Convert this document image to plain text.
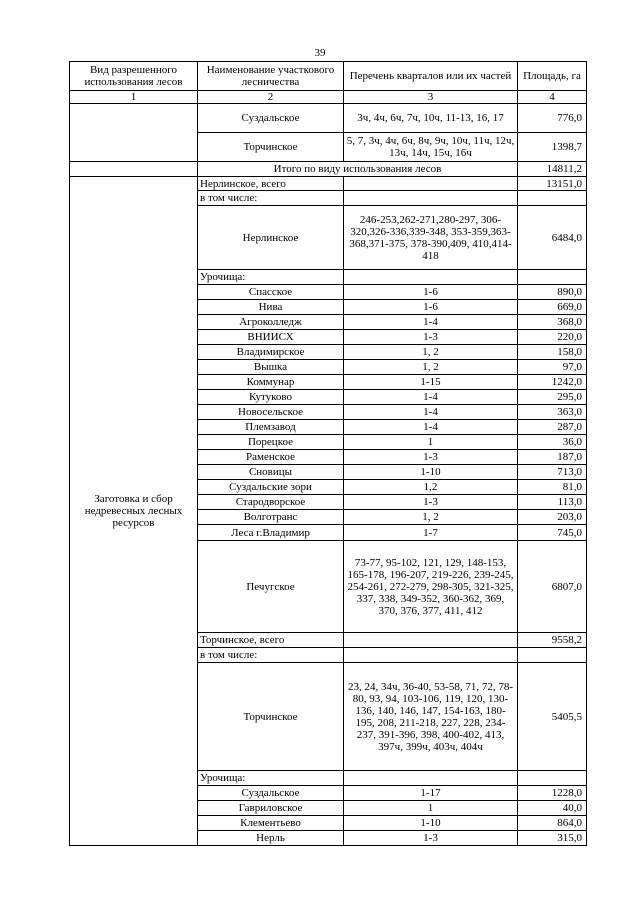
39
Вид разрешенного использования лесов	Наименование участкового лесничества	Перечень кварталов или их частей	Площадь, га
1	2	3	4
	Суздальское	3ч, 4ч, 6ч, 7ч, 10ч, 11-13, 16, 17	776,0
	Торчинское	5, 7, 3ч, 4ч, 6ч, 8ч, 9ч, 10ч, 11ч, 12ч, 13ч, 14ч, 15ч, 16ч	1398,7
	Итого по виду использования лесов		14811,2
Заготовка и сбор недревесных лесных ресурсов	Нерлинское, всего		13151,0
	в том числе:		
	Нерлинское	246-253,262-271,280-297, 306-320,326-336,339-348, 353-359,363-368,371-375, 378-390,409, 410,414-418	6484,0
	Урочища:		
	Спасское	1-6	890,0
	Нива	1-6	669,0
	Агроколледж	1-4	368,0
	ВНИИСХ	1-3	220,0
	Владимирское	1, 2	158,0
	Вышка	1, 2	97,0
	Коммунар	1-15	1242,0
	Кутуково	1-4	295,0
	Новосельское	1-4	363,0
	Племзавод	1-4	287,0
	Порецкое	1	36,0
	Раменское	1-3	187,0
	Сновицы	1-10	713,0
	Суздальские зори	1,2	81,0
	Стародворское	1-3	113,0
	Волготранс	1, 2	203,0
	Леса г.Владимир	1-7	745,0
	Печугское	73-77, 95-102, 121, 129, 148-153, 165-178, 196-207, 219-226, 239-245, 254-261, 272-279, 298-305, 321-325, 337, 338, 349-352, 360-362, 369, 370, 376, 377, 411, 412	6807,0
	Торчинское, всего		9558,2
	в том числе:		
	Торчинское	23, 24, 34ч, 36-40, 53-58, 71, 72, 78-80, 93, 94, 103-106, 119, 120, 130-136, 140, 146, 147, 154-163, 180-195, 208, 211-218, 227, 228, 234-237, 391-396, 398, 400-402, 413, 397ч, 399ч, 403ч, 404ч	5405,5
	Урочища:		
	Суздальское	1-17	1228,0
	Гавриловское	1	40,0
	Клементьево	1-10	864,0
	Нерль	1-3	315,0
